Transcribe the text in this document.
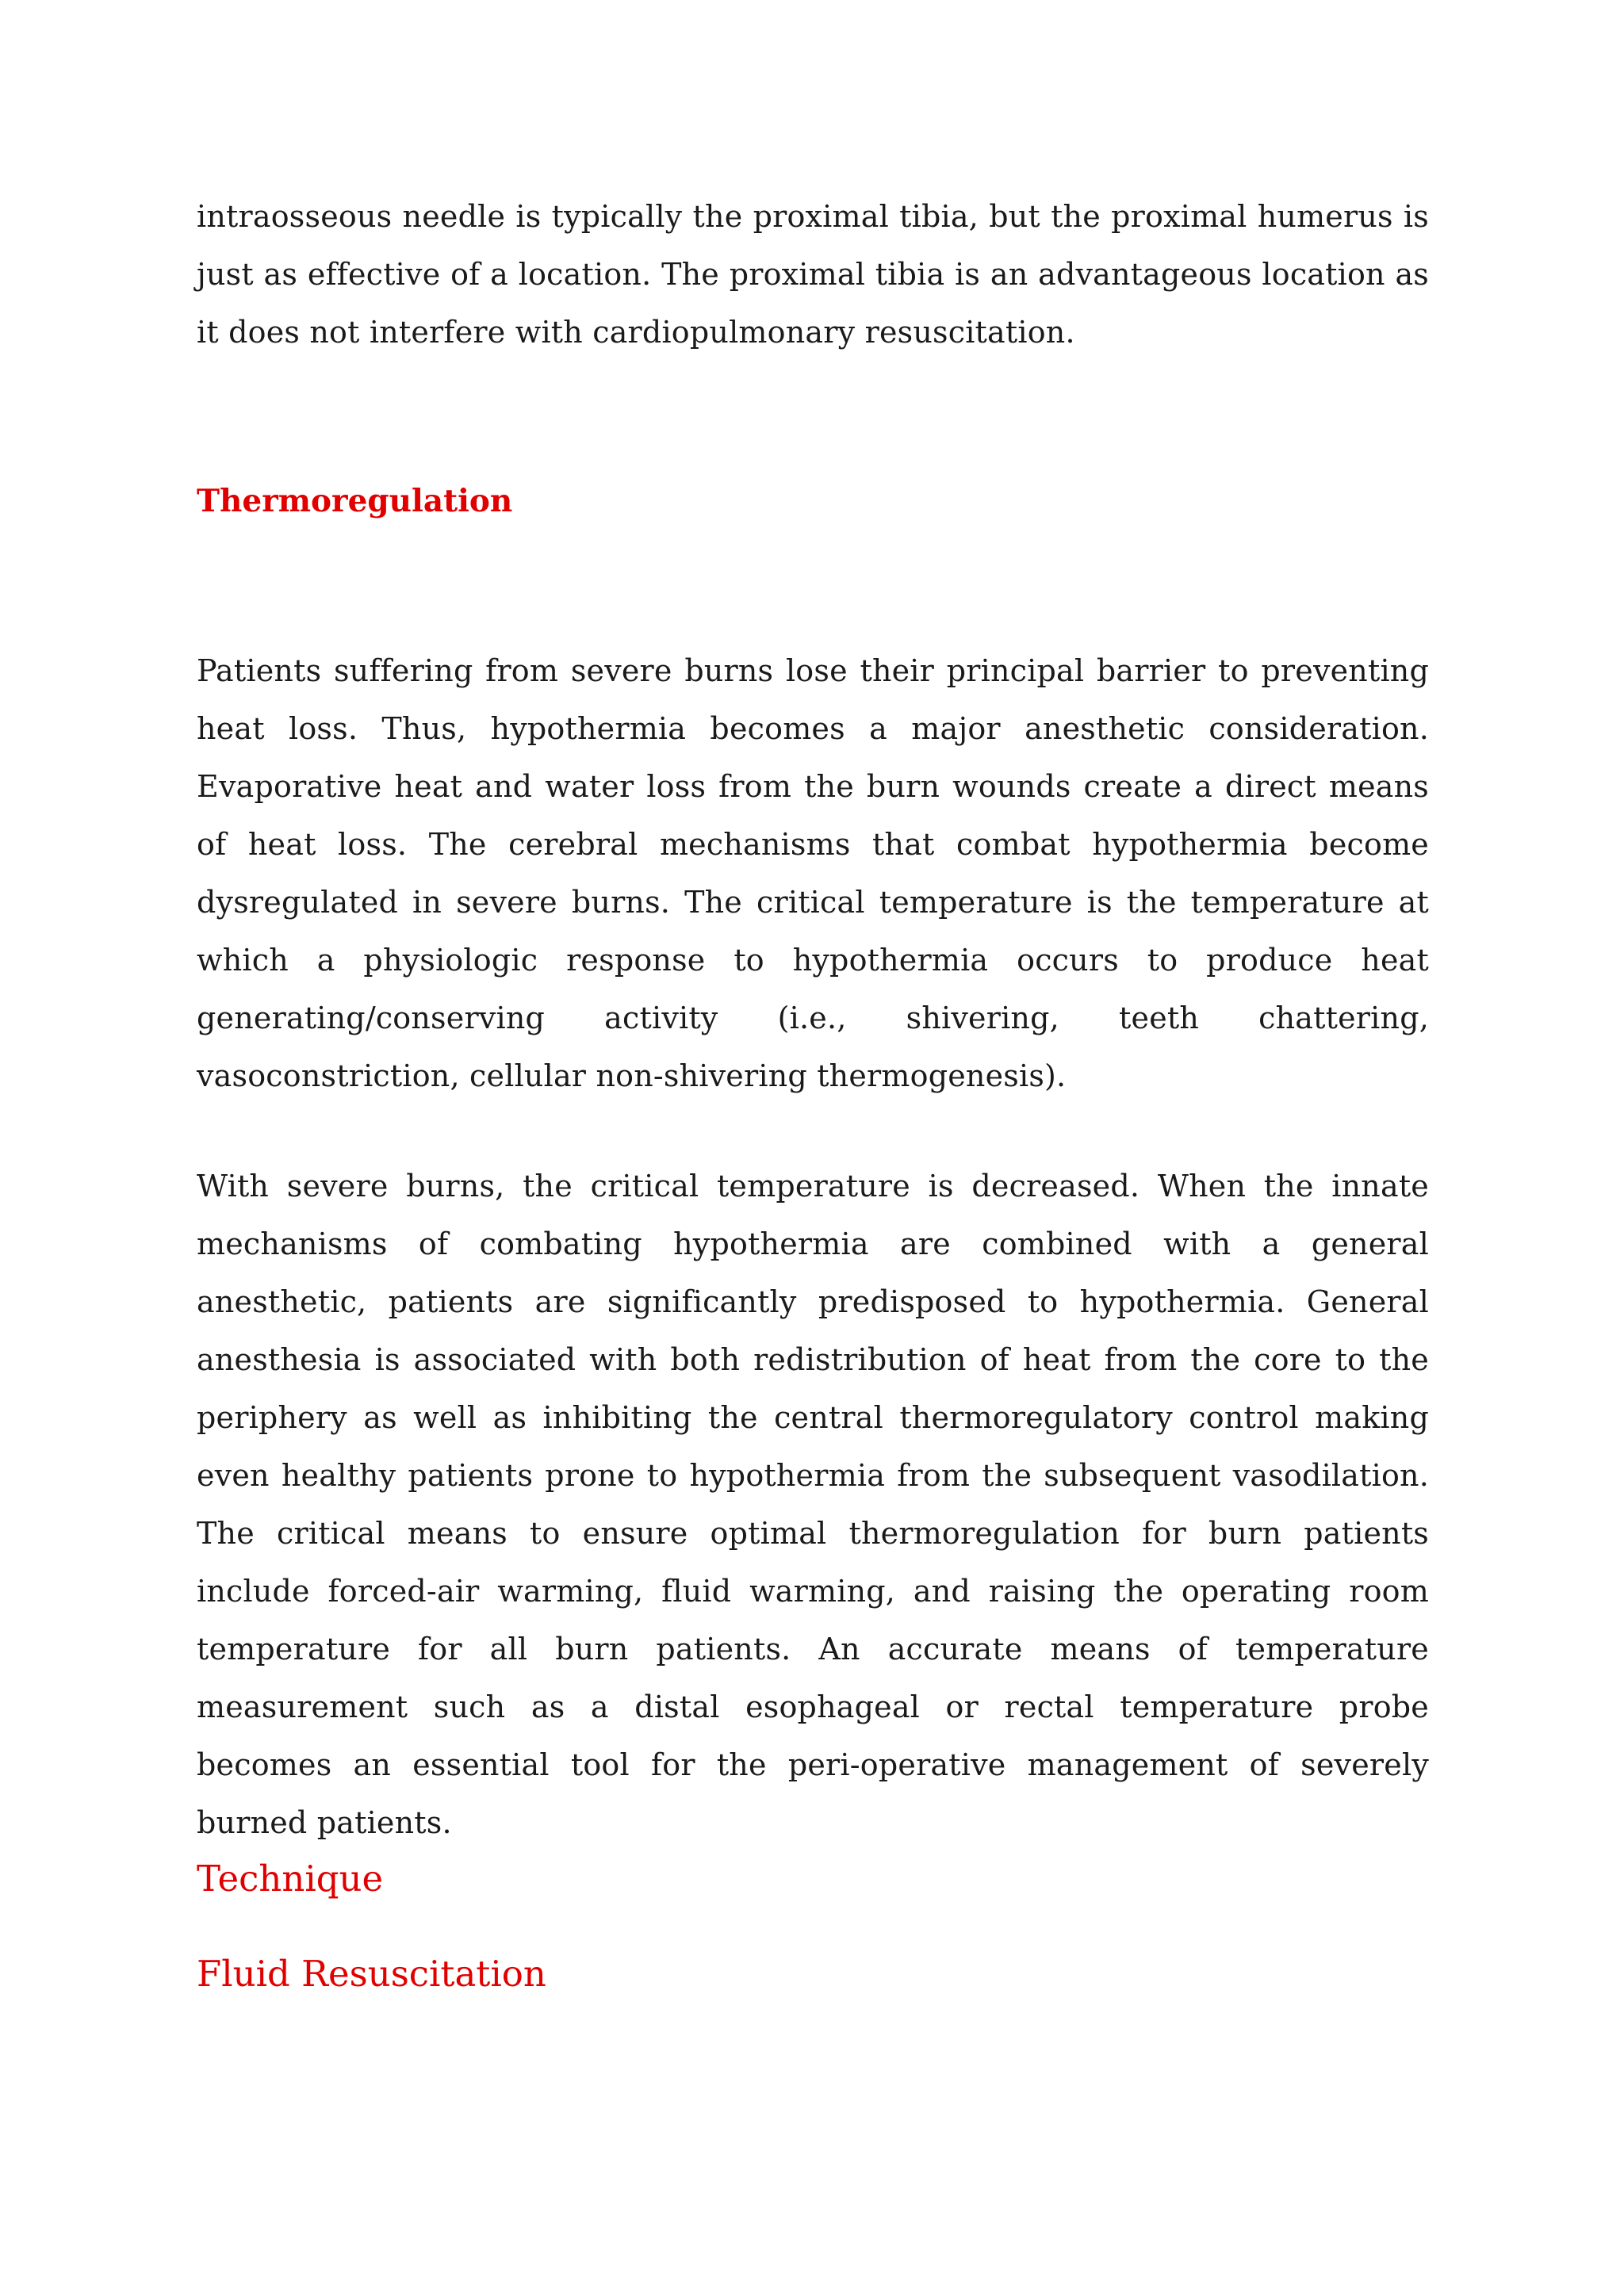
intraosseous needle is typically the proximal tibia, but the proximal humerus is just as effective of a location. The proximal tibia is an advantageous location as it does not interfere with cardiopulmonary resuscitation.

Thermoregulation

Patients suffering from severe burns lose their principal barrier to preventing heat loss. Thus, hypothermia becomes a major anesthetic consideration. Evaporative heat and water loss from the burn wounds create a direct means of heat loss. The cerebral mechanisms that combat hypothermia become dysregulated in severe burns. The critical temperature is the temperature at which a physiologic response to hypothermia occurs to produce heat generating/conserving activity (i.e., shivering, teeth chattering, vasoconstriction, cellular non-shivering thermogenesis).

With severe burns, the critical temperature is decreased. When the innate mechanisms of combating hypothermia are combined with a general anesthetic, patients are significantly predisposed to hypothermia. General anesthesia is associated with both redistribution of heat from the core to the periphery as well as inhibiting the central thermoregulatory control making even healthy patients prone to hypothermia from the subsequent vasodilation. The critical means to ensure optimal thermoregulation for burn patients include forced-air warming, fluid warming, and raising the operating room temperature for all burn patients. An accurate means of temperature measurement such as a distal esophageal or rectal temperature probe becomes an essential tool for the peri-operative management of severely burned patients.

Technique
Fluid Resuscitation
